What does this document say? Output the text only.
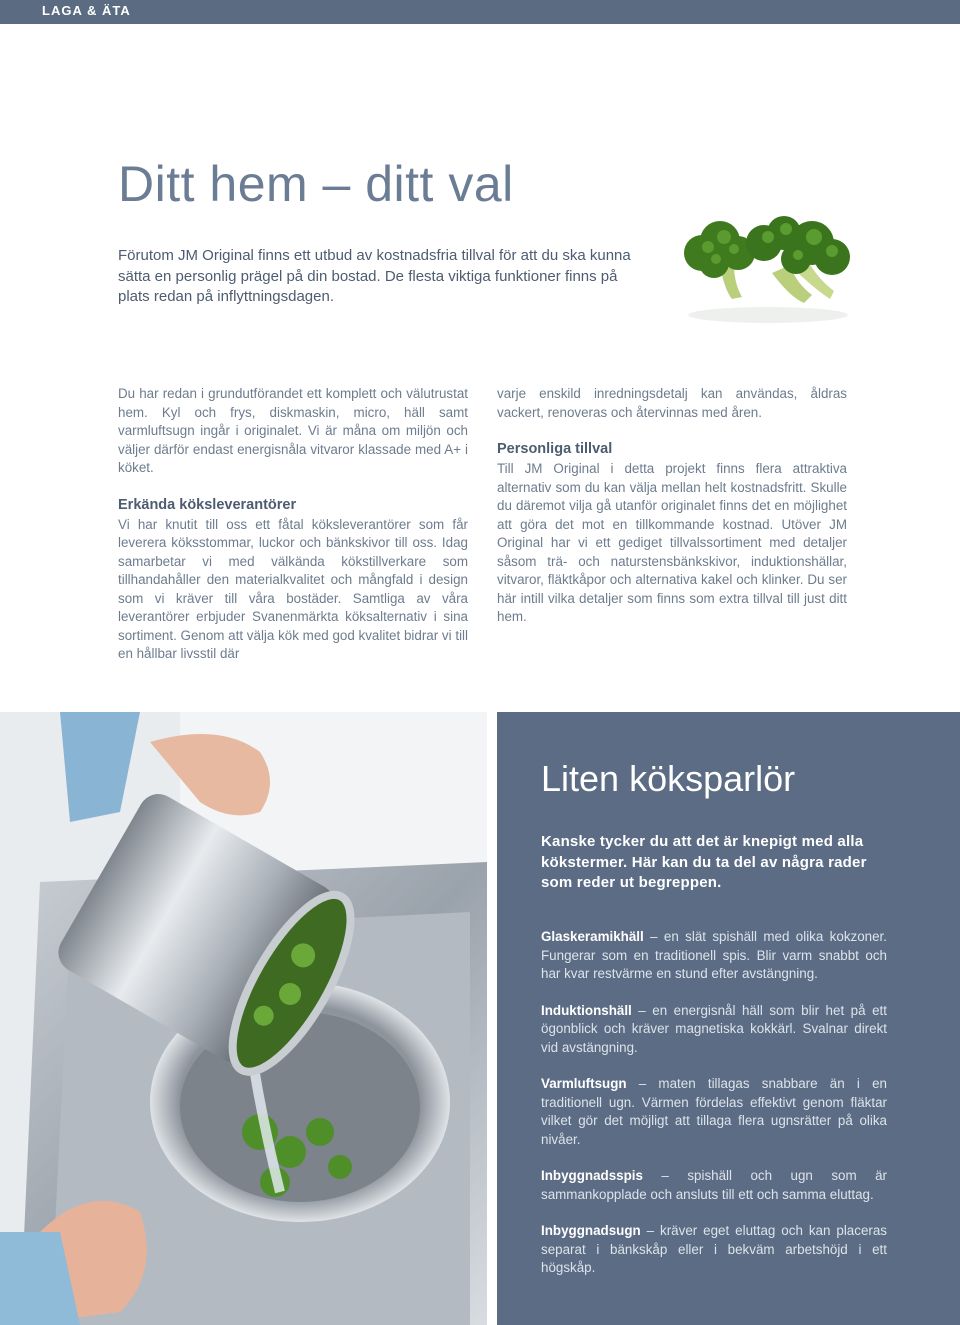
LAGA & ÄTA
Ditt hem – ditt val

Förutom JM Original finns ett utbud av kostnadsfria tillval för att du ska kunna sätta en personlig prägel på din bostad. De flesta viktiga funktioner finns på plats redan på inflyttningsdagen.

Du har redan i grundutförandet ett komplett och välutrustat hem. Kyl och frys, diskmaskin, micro, häll samt varmluftsugn ingår i originalet. Vi är måna om miljön och väljer därför endast energisnåla vitvaror klassade med A+ i köket.

Erkända köksleverantörer

Vi har knutit till oss ett fåtal köksleverantörer som får leverera köksstommar, luckor och bänkskivor till oss. Idag samarbetar vi med välkända kökstillverkare som tillhandahåller den materialkvalitet och mångfald i design som vi kräver till våra bostäder. Samtliga av våra leverantörer erbjuder Svanenmärkta köksalternativ i sina sortiment. Genom att välja kök med god kvalitet bidrar vi till en hållbar livsstil där

varje enskild inredningsdetalj kan användas, åldras vackert, renoveras och återvinnas med åren.

Personliga tillval

Till JM Original i detta projekt finns flera attraktiva alternativ som du kan välja mellan helt kostnadsfritt. Skulle du däremot vilja gå utanför originalet finns det en möjlighet att göra det mot en tillkommande kostnad. Utöver JM Original har vi ett gediget tillvalssortiment med detaljer såsom trä- och naturstensbänkskivor, induktionshällar, vitvaror, fläktkåpor och alternativa kakel och klinker. Du ser här intill vilka detaljer som finns som extra tillval till just ditt hem.

Liten köksparlör

Kanske tycker du att det är knepigt med alla kökstermer. Här kan du ta del av några rader som reder ut begreppen.

Glaskeramikhäll – en slät spishäll med olika kokzoner. Fungerar som en traditionell spis. Blir varm snabbt och har kvar restvärme en stund efter avstängning.

Induktionshäll – en energisnål häll som blir het på ett ögonblick och kräver magnetiska kokkärl. Svalnar direkt vid avstängning.

Varmluftsugn – maten tillagas snabbare än i en traditionell ugn. Värmen fördelas effektivt genom fläktar vilket gör det möjligt att tillaga flera ugnsrätter på olika nivåer.

Inbyggnadsspis – spishäll och ugn som är sammankopplade och ansluts till ett och samma eluttag.

Inbyggnadsugn – kräver eget eluttag och kan placeras separat i bänkskåp eller i bekväm arbetshöjd i ett högskåp.
